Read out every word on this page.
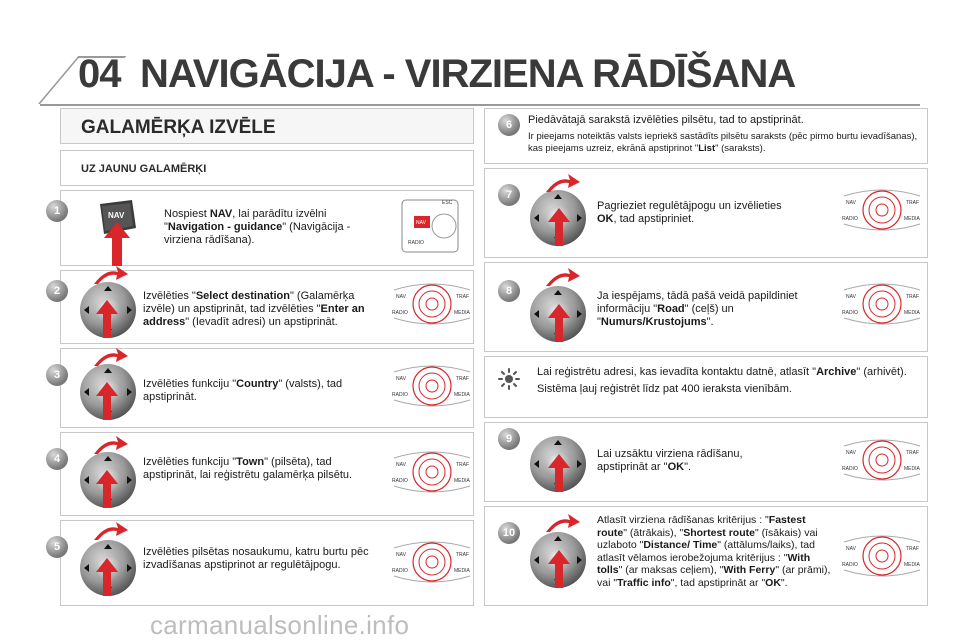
04 NAVIGĀCIJA - VIRZIENA RĀDĪŠANA
GALAMĒRĶA IZVĒLE
UZ JAUNU GALAMĒRĶI
1	NAV	Nospiest NAV, lai parādītu izvēlni "Navigation - guidance" (Navigācija - virziena rādīšana).
ESC
NAV
RADIO
2	Izvēlēties "Select destination" (Galamērķa izvēle) un apstiprināt, tad izvēlēties "Enter an address" (Ievadīt adresi) un apstiprināt.
3
Izvēlēties funkciju "Country" (valsts), tad apstiprināt.
4	Izvēlēties funkciju "Town" (pilsēta), tad apstiprināt, lai reģistrētu galamērķa pilsētu.
5	Izvēlēties pilsētas nosaukumu, katru burtu pēc izvadīšanas apstiprinot ar regulētājpogu.
6	Piedāvātajā sarakstā izvēlēties pilsētu, tad to apstiprināt.
Ir pieejams noteiktās valsts iepriekš sastādīts pilsētu saraksts (pēc pirmo burtu ievadīšanas), kas pieejams uzreiz, ekrānā apstiprinot "List" (saraksts).
7
Pagrieziet regulētājpogu un izvēlieties OK, tad apstipriniet.
8	Ja iespējams, tādā pašā veidā papildiniet informāciju "Road" (ceļš) un "Numurs/Krustojums".
Lai reģistrētu adresi, kas ievadīta kontaktu datnē, atlasīt "Archive" (arhivēt).
Sistēma ļauj reģistrēt līdz pat 400 ieraksta vienībām.
9
Lai uzsāktu virziena rādīšanu, apstiprināt ar "OK".
10
Atlasīt virziena rādīšanas kritērijus : "Fastest route" (ātrākais), "Shortest route" (īsākais) vai uzlaboto "Distance/ Time" (attālums/laiks), tad atlasīt vēlamos ierobežojuma kritērijus : "With tolls" (ar maksas ceļiem), "With Ferry" (ar prāmi), vai "Traffic info", tad apstiprināt ar "OK".
NAV	TRAF
RADIO	MEDIA
NAV	TRAF
RADIO	MEDIA
NAV	TRAF
RADIO	MEDIA
NAV	TRAF
RADIO	MEDIA
NAV	TRAF
RADIO	MEDIA
NAV	TRAF
RADIO	MEDIA
NAV	TRAF
RADIO	MEDIA
NAV	TRAF
RADIO	MEDIA
carmanualsonline.info
